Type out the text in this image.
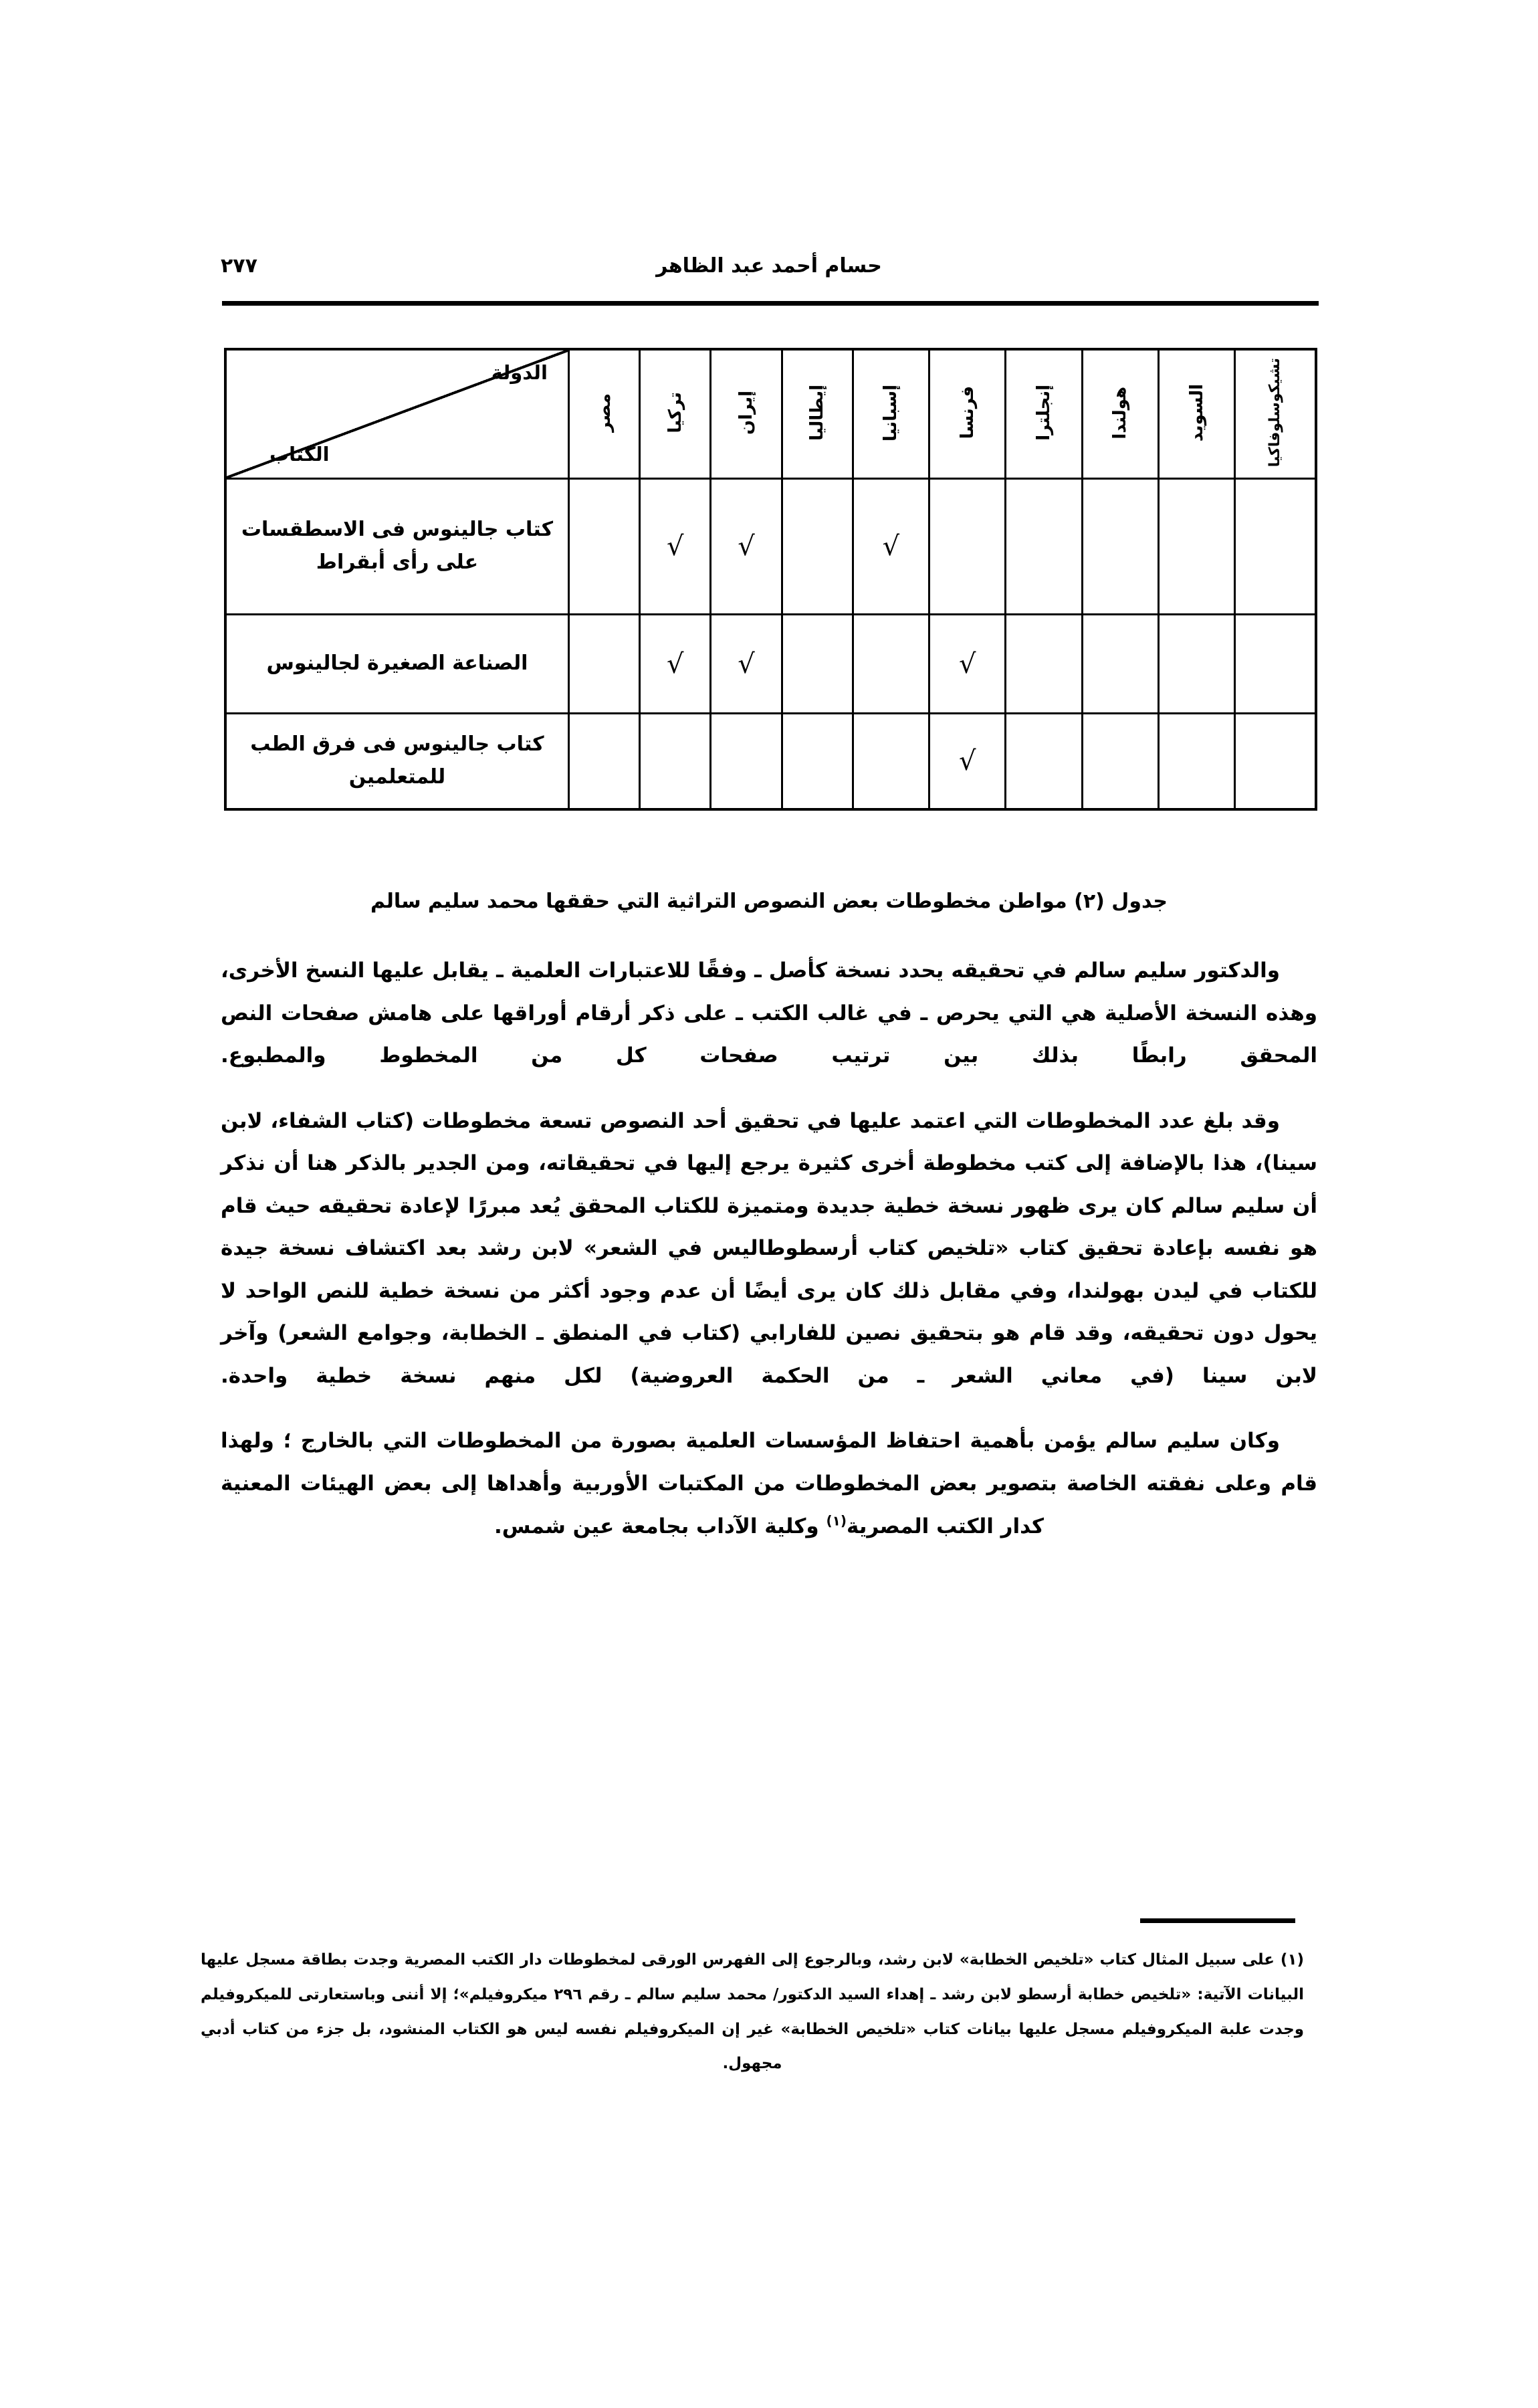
٢٧٧	حسام أحمد عبد الظاهر
تشيكوسلوفاكيا	السويد	هولندا	إنجلترا	فرنسا	إسبانيا	إيطاليا	إيران	تركيا	مصر	الدولة
الكتاب

					√		√	√		كتاب جالينوس فى الاسطقسات على رأى أبقراط
				√			√	√		الصناعة الصغيرة لجالينوس
				√						كتاب جالينوس فى فرق الطب للمتعلمين
جدول (٢) مواطن مخطوطات بعض النصوص التراثية التي حققها محمد سليم سالم

والدكتور سليم سالم في تحقيقه يحدد نسخة كأصل ـ وفقًا للاعتبارات العلمية ـ يقابل عليها النسخ الأخرى، وهذه النسخة الأصلية هي التي يحرص ـ في غالب الكتب ـ على ذكر أرقام أوراقها على هامش صفحات النص المحقق رابطًا بذلك بين ترتيب صفحات كل من المخطوط والمطبوع.

وقد بلغ عدد المخطوطات التي اعتمد عليها في تحقيق أحد النصوص تسعة مخطوطات (كتاب الشفاء، لابن سينا)، هذا بالإضافة إلى كتب مخطوطة أخرى كثيرة يرجع إليها في تحقيقاته، ومن الجدير بالذكر هنا أن نذكر أن سليم سالم كان يرى ظهور نسخة خطية جديدة ومتميزة للكتاب المحقق يُعد مبررًا لإعادة تحقيقه حيث قام هو نفسه بإعادة تحقيق كتاب «تلخيص كتاب أرسطوطاليس في الشعر» لابن رشد بعد اكتشاف نسخة جيدة للكتاب في ليدن بهولندا، وفي مقابل ذلك كان يرى أيضًا أن عدم وجود أكثر من نسخة خطية للنص الواحد لا يحول دون تحقيقه، وقد قام هو بتحقيق نصين للفارابي (كتاب في المنطق ـ الخطابة، وجوامع الشعر) وآخر لابن سينا (في معاني الشعر ـ من الحكمة العروضية) لكل منهم نسخة خطية واحدة.

وكان سليم سالم يؤمن بأهمية احتفاظ المؤسسات العلمية بصورة من المخطوطات التي بالخارج ؛ ولهذا قام وعلى نفقته الخاصة بتصوير بعض المخطوطات من المكتبات الأوربية وأهداها إلى بعض الهيئات المعنية كدار الكتب المصرية$^{(١)}$ وكلية الآداب بجامعة عين شمس.

(١) على سبيل المثال كتاب «تلخيص الخطابة» لابن رشد، وبالرجوع إلى الفهرس الورقى لمخطوطات دار الكتب المصرية وجدت بطاقة مسجل عليها البيانات الآتية: «تلخيص خطابة أرسطو لابن رشد ـ إهداء السيد الدكتور/ محمد سليم سالم ـ رقم ٢٩٦ ميكروفيلم»؛ إلا أننى وباستعارتى للميكروفيلم وجدت علبة الميكروفيلم مسجل عليها بيانات كتاب «تلخيص الخطابة» غير إن الميكروفيلم نفسه ليس هو الكتاب المنشود، بل جزء من كتاب أدبي مجهول.
